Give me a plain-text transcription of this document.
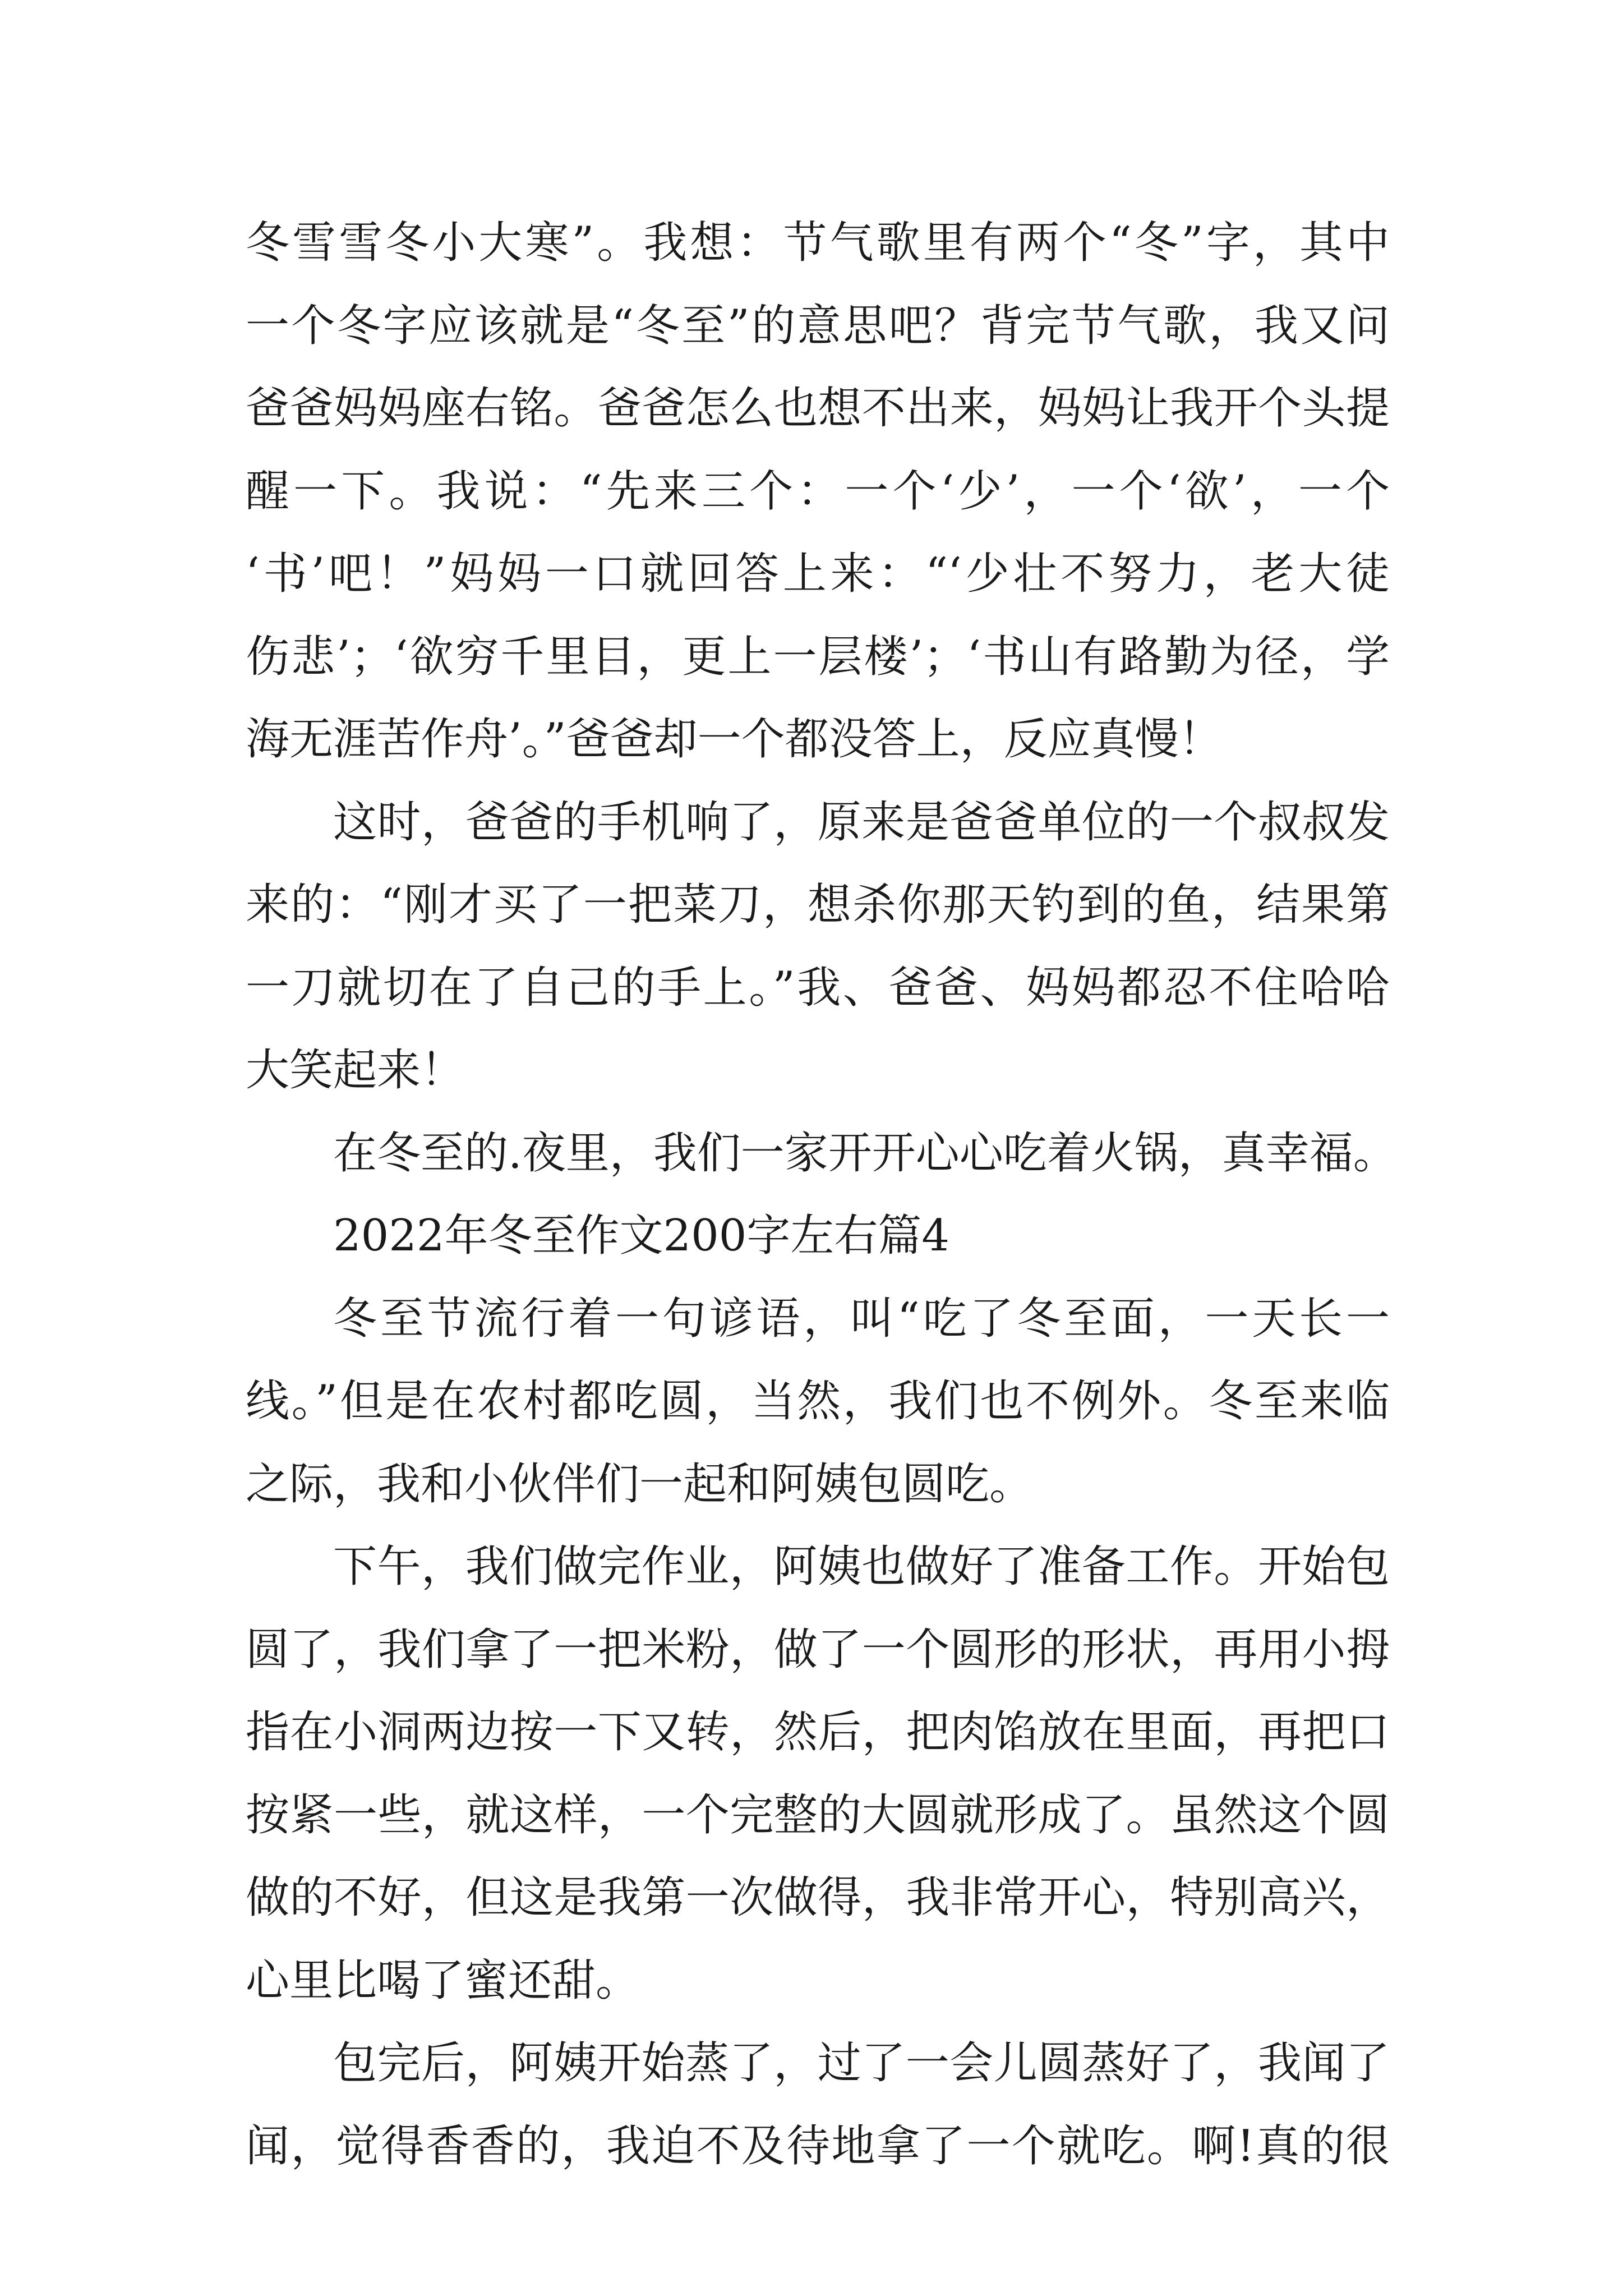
冬雪雪冬小大寒”。我想：节气歌里有两个“冬”字，其中
一个冬字应该就是“冬至”的意思吧？背完节气歌，我又问
爸爸妈妈座右铭。爸爸怎么也想不出来，妈妈让我开个头提
醒一下。我说：“先来三个：一个‘少’，一个‘欲’，一个
‘书’吧！”妈妈一口就回答上来：“‘少壮不努力，老大徒
伤悲’；‘欲穷千里目，更上一层楼’；‘书山有路勤为径，学
海无涯苦作舟’。”爸爸却一个都没答上，反应真慢！
这时，爸爸的手机响了，原来是爸爸单位的一个叔叔发
来的：“刚才买了一把菜刀，想杀你那天钓到的鱼，结果第
一刀就切在了自己的手上。”我、爸爸、妈妈都忍不住哈哈
大笑起来！
在冬至的.夜里，我们一家开开心心吃着火锅，真幸福。
2022年冬至作文200字左右篇4
冬至节流行着一句谚语，叫“吃了冬至面，一天长一
线。”但是在农村都吃圆，当然，我们也不例外。冬至来临
之际，我和小伙伴们一起和阿姨包圆吃。
下午，我们做完作业，阿姨也做好了准备工作。开始包
圆了，我们拿了一把米粉，做了一个圆形的形状，再用小拇
指在小洞两边按一下又转，然后，把肉馅放在里面，再把口
按紧一些，就这样，一个完整的大圆就形成了。虽然这个圆
做的不好，但这是我第一次做得，我非常开心，特别高兴，
心里比喝了蜜还甜。
包完后，阿姨开始蒸了，过了一会儿圆蒸好了，我闻了
闻，觉得香香的，我迫不及待地拿了一个就吃。啊!真的很
